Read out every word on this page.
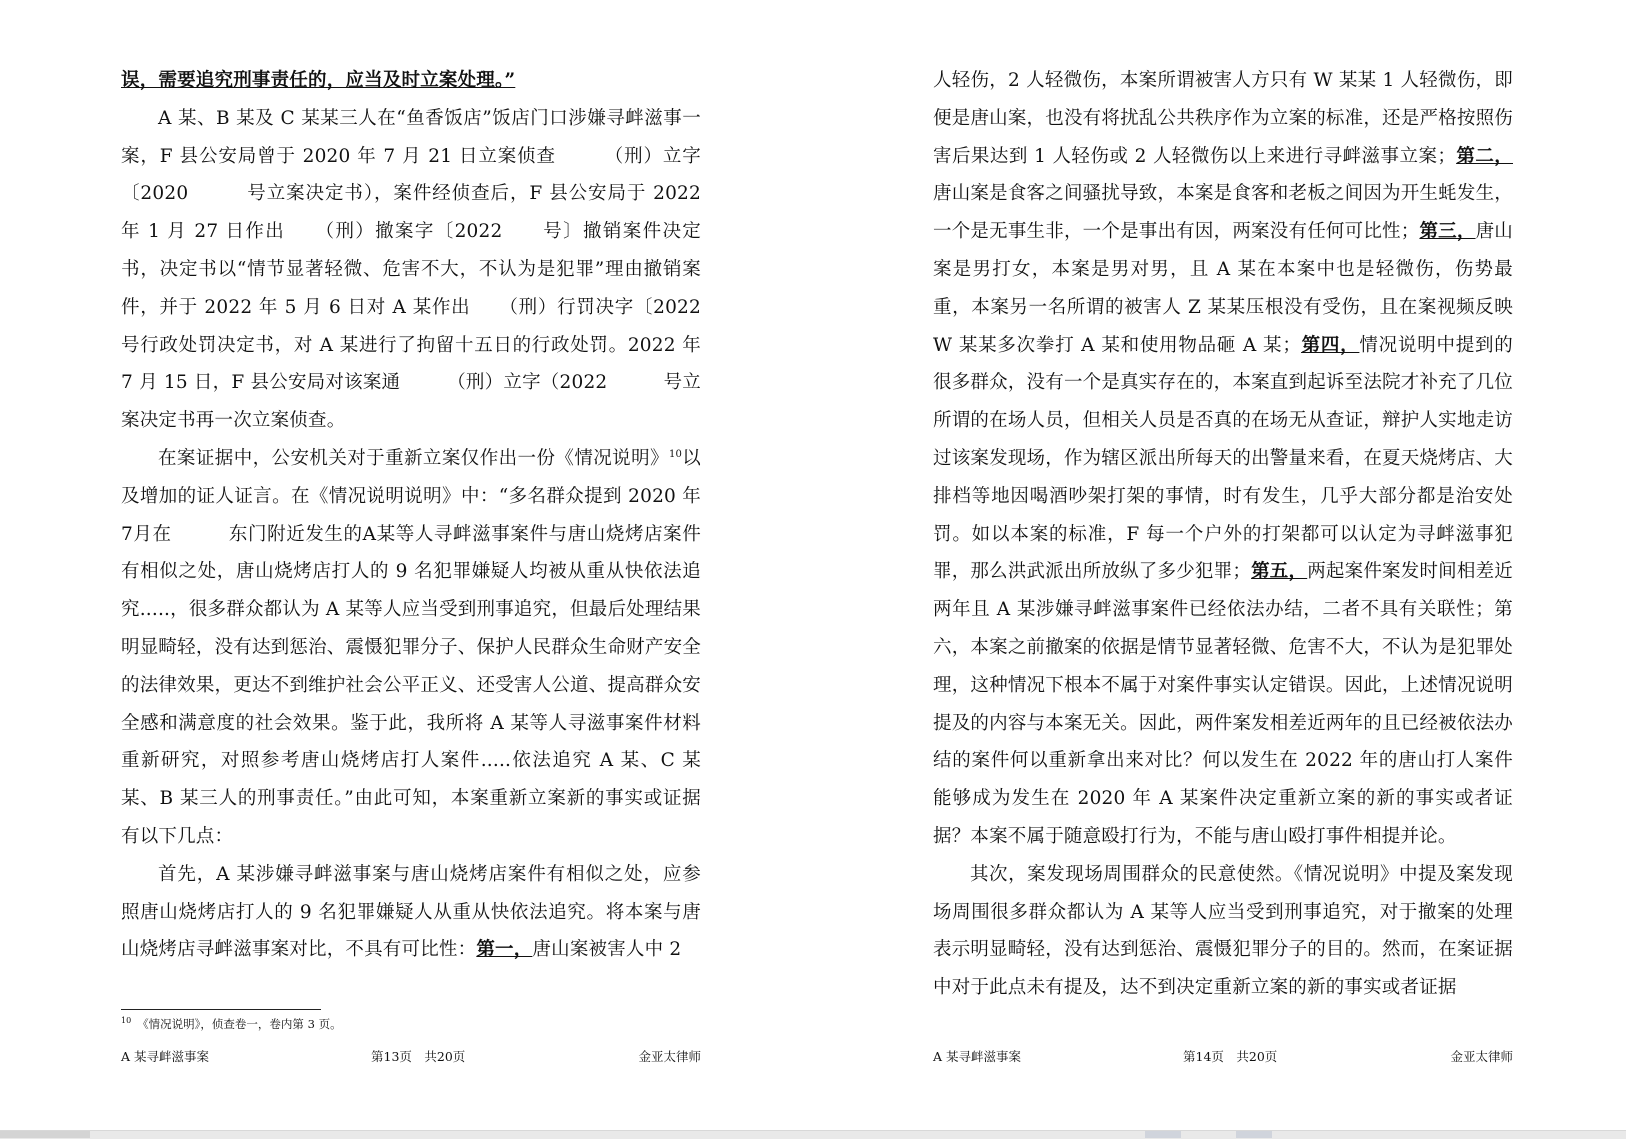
误，需要追究刑事责任的，应当及时立案处理。”

A 某、B 某及 C 某某三人在“鱼香饭店”饭店门口涉嫌寻衅滋事一案，F 县公安局曾于 2020 年 7 月 21 日立案侦查　　　（刑）立字〔2020　　　号立案决定书），案件经侦查后，F 县公安局于 2022 年 1 月 27 日作出　　（刑）撤案字〔2022　　号〕撤销案件决定书，决定书以“情节显著轻微、危害不大，不认为是犯罪”理由撤销案件，并于 2022 年 5 月 6 日对 A 某作出　　（刑）行罚决字〔2022　　　号行政处罚决定书，对 A 某进行了拘留十五日的行政处罚。2022 年 7 月 15 日，F 县公安局对该案通　　　（刑）立字（2022　　　号立案决定书再一次立案侦查。

在案证据中，公安机关对于重新立案仅作出一份《情况说明》$^{10}$以及增加的证人证言。在《情况说明说明》中：“多名群众提到 2020 年7月在　　　东门附近发生的A某等人寻衅滋事案件与唐山烧烤店案件有相似之处，唐山烧烤店打人的 9 名犯罪嫌疑人均被从重从快依法追究.....，很多群众都认为 A 某等人应当受到刑事追究，但最后处理结果明显畸轻，没有达到惩治、震慑犯罪分子、保护人民群众生命财产安全的法律效果，更达不到维护社会公平正义、还受害人公道、提高群众安全感和满意度的社会效果。鉴于此，我所将 A 某等人寻滋事案件材料重新研究，对照参考唐山烧烤店打人案件.....依法追究 A 某、C 某某、B 某三人的刑事责任。”由此可知，本案重新立案新的事实或证据有以下几点：

首先，A 某涉嫌寻衅滋事案与唐山烧烤店案件有相似之处，应参照唐山烧烤店打人的 9 名犯罪嫌疑人从重从快依法追究。将本案与唐山烧烤店寻衅滋事案对比，不具有可比性：第一，唐山案被害人中 2

$^{10}$ 《情况说明》，侦查卷一，卷内第 3 页。
A 某寻衅滋事案	第13页　共20页	金亚太律师

人轻伤，2 人轻微伤，本案所谓被害人方只有 W 某某 1 人轻微伤，即便是唐山案，也没有将扰乱公共秩序作为立案的标准，还是严格按照伤害后果达到 1 人轻伤或 2 人轻微伤以上来进行寻衅滋事立案；第二，唐山案是食客之间骚扰导致，本案是食客和老板之间因为开生蚝发生，一个是无事生非，一个是事出有因，两案没有任何可比性；第三，唐山案是男打女，本案是男对男，且 A 某在本案中也是轻微伤，伤势最重，本案另一名所谓的被害人 Z 某某压根没有受伤，且在案视频反映 W 某某多次拳打 A 某和使用物品砸 A 某；第四，情况说明中提到的很多群众，没有一个是真实存在的，本案直到起诉至法院才补充了几位所谓的在场人员，但相关人员是否真的在场无从查证，辩护人实地走访过该案发现场，作为辖区派出所每天的出警量来看，在夏天烧烤店、大排档等地因喝酒吵架打架的事情，时有发生，几乎大部分都是治安处罚。如以本案的标准，F 每一个户外的打架都可以认定为寻衅滋事犯罪，那么洪武派出所放纵了多少犯罪；第五，两起案件案发时间相差近两年且 A 某涉嫌寻衅滋事案件已经依法办结，二者不具有关联性；第六，本案之前撤案的依据是情节显著轻微、危害不大，不认为是犯罪处理，这种情况下根本不属于对案件事实认定错误。因此，上述情况说明提及的内容与本案无关。因此，两件案发相差近两年的且已经被依法办结的案件何以重新拿出来对比？何以发生在 2022 年的唐山打人案件能够成为发生在 2020 年 A 某案件决定重新立案的新的事实或者证据？本案不属于随意殴打行为，不能与唐山殴打事件相提并论。

其次，案发现场周围群众的民意使然。《情况说明》中提及案发现场周围很多群众都认为 A 某等人应当受到刑事追究，对于撤案的处理表示明显畸轻，没有达到惩治、震慑犯罪分子的目的。然而，在案证据中对于此点未有提及，达不到决定重新立案的新的事实或者证据

A 某寻衅滋事案	第14页　共20页	金亚太律师
